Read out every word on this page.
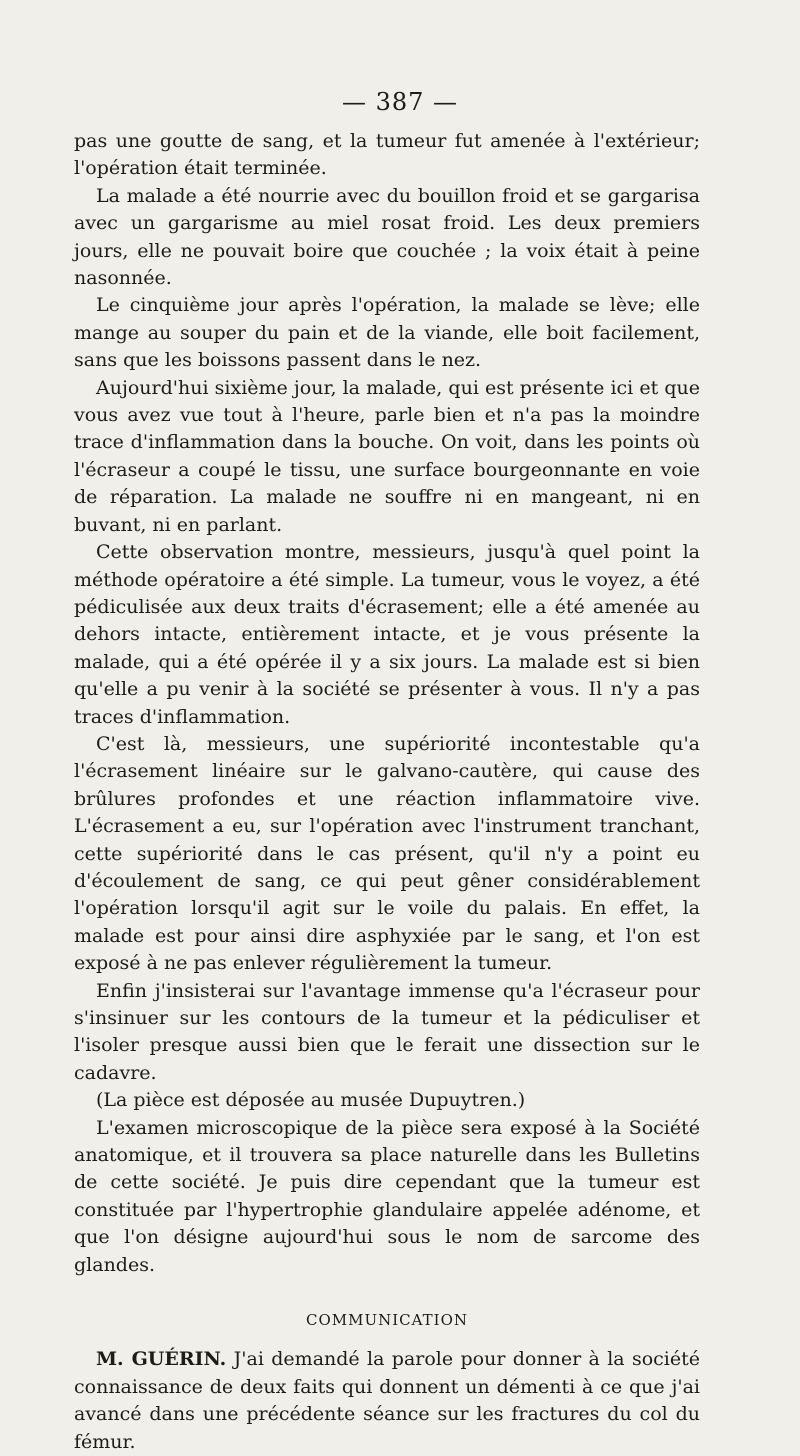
— 387 —

pas une goutte de sang, et la tumeur fut amenée à l'extérieur; l'opération était terminée.

La malade a été nourrie avec du bouillon froid et se gargarisa avec un gargarisme au miel rosat froid. Les deux premiers jours, elle ne pouvait boire que couchée ; la voix était à peine nasonnée.

Le cinquième jour après l'opération, la malade se lève; elle mange au souper du pain et de la viande, elle boit facilement, sans que les boissons passent dans le nez.

Aujourd'hui sixième jour, la malade, qui est présente ici et que vous avez vue tout à l'heure, parle bien et n'a pas la moindre trace d'inflammation dans la bouche. On voit, dans les points où l'écraseur a coupé le tissu, une surface bourgeonnante en voie de réparation. La malade ne souffre ni en mangeant, ni en buvant, ni en parlant.

Cette observation montre, messieurs, jusqu'à quel point la méthode opératoire a été simple. La tumeur, vous le voyez, a été pédiculisée aux deux traits d'écrasement; elle a été amenée au dehors intacte, entièrement intacte, et je vous présente la malade, qui a été opérée il y a six jours. La malade est si bien qu'elle a pu venir à la société se présenter à vous. Il n'y a pas traces d'inflammation.

C'est là, messieurs, une supériorité incontestable qu'a l'écrasement linéaire sur le galvano-cautère, qui cause des brûlures profondes et une réaction inflammatoire vive. L'écrasement a eu, sur l'opération avec l'instrument tranchant, cette supériorité dans le cas présent, qu'il n'y a point eu d'écoulement de sang, ce qui peut gêner considérablement l'opération lorsqu'il agit sur le voile du palais. En effet, la malade est pour ainsi dire asphyxiée par le sang, et l'on est exposé à ne pas enlever régulièrement la tumeur.

Enfin j'insisterai sur l'avantage immense qu'a l'écraseur pour s'insinuer sur les contours de la tumeur et la pédiculiser et l'isoler presque aussi bien que le ferait une dissection sur le cadavre.

(La pièce est déposée au musée Dupuytren.)

L'examen microscopique de la pièce sera exposé à la Société anatomique, et il trouvera sa place naturelle dans les Bulletins de cette société. Je puis dire cependant que la tumeur est constituée par l'hypertrophie glandulaire appelée adénome, et que l'on désigne aujourd'hui sous le nom de sarcome des glandes.

COMMUNICATION

M. GUÉRIN. J'ai demandé la parole pour donner à la société connaissance de deux faits qui donnent un démenti à ce que j'ai avancé dans une précédente séance sur les fractures du col du fémur.
